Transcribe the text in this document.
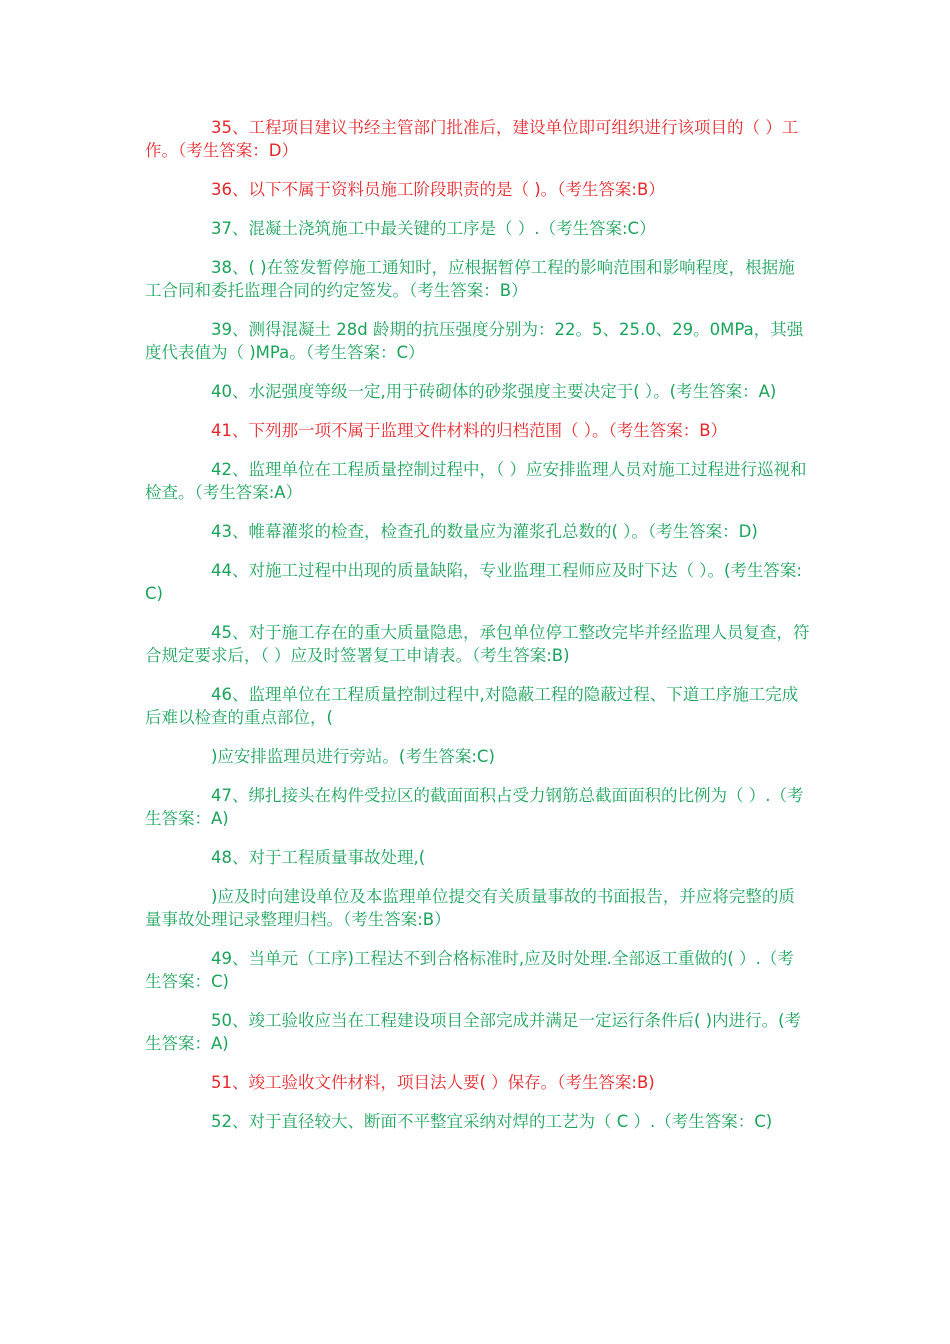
35、工程项目建议书经主管部门批准后，建设单位即可组织进行该项目的（ ）工作。（考生答案：D）

36、以下不属于资料员施工阶段职责的是（ )。（考生答案:B）

37、混凝土浇筑施工中最关键的工序是（ ）.（考生答案:C）

38、( )在签发暂停施工通知时，应根据暂停工程的影响范围和影响程度，根据施工合同和委托监理合同的约定签发。（考生答案：B）

39、测得混凝土 28d 龄期的抗压强度分别为：22。5、25.0、29。0MPa，其强度代表值为（ )MPa。（考生答案：C）

40、水泥强度等级一定,用于砖砌体的砂浆强度主要决定于( ）。(考生答案：A)

41、下列那一项不属于监理文件材料的归档范围（ ）。（考生答案：B）

42、监理单位在工程质量控制过程中，（ ）应安排监理人员对施工过程进行巡视和检查。（考生答案:A）

43、帷幕灌浆的检查，检查孔的数量应为灌浆孔总数的( ）。（考生答案：D)

44、对施工过程中出现的质量缺陷，专业监理工程师应及时下达（ ）。(考生答案:C)

45、对于施工存在的重大质量隐患，承包单位停工整改完毕并经监理人员复查，符合规定要求后，（ ）应及时签署复工申请表。（考生答案:B)

46、监理单位在工程质量控制过程中,对隐蔽工程的隐蔽过程、下道工序施工完成后难以检查的重点部位，(

)应安排监理员进行旁站。(考生答案:C)

47、绑扎接头在构件受拉区的截面面积占受力钢筋总截面面积的比例为（ ）.（考生答案：A)

48、对于工程质量事故处理,(

)应及时向建设单位及本监理单位提交有关质量事故的书面报告，并应将完整的质量事故处理记录整理归档。（考生答案:B）

49、当单元（工序)工程达不到合格标准时,应及时处理.全部返工重做的( ）.（考生答案：C)

50、竣工验收应当在工程建设项目全部完成并满足一定运行条件后( )内进行。(考生答案：A)

51、竣工验收文件材料，项目法人要( ）保存。（考生答案:B)

52、对于直径较大、断面不平整宜采纳对焊的工艺为（ C ）.（考生答案：C)
